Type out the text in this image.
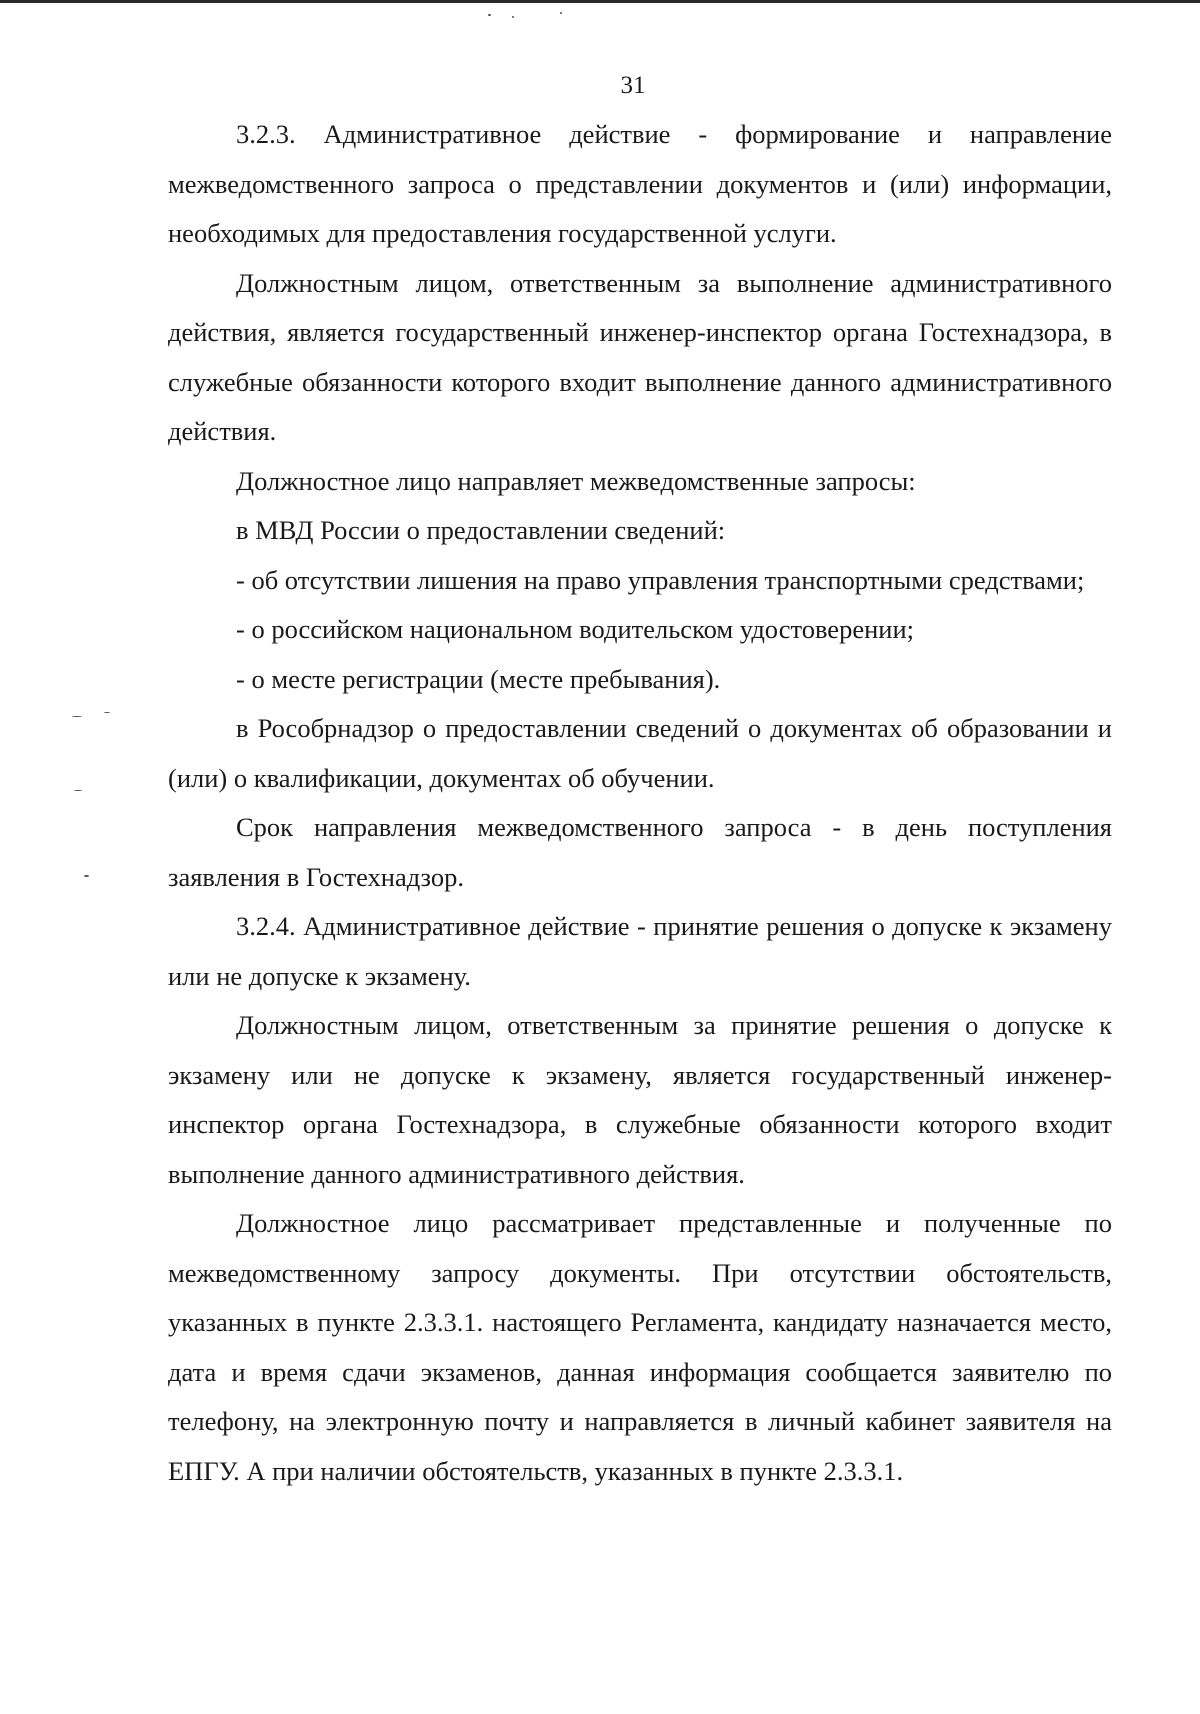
31

3.2.3. Административное действие - формирование и направление межведомственного запроса о представлении документов и (или) информации, необходимых для предоставления государственной услуги.

Должностным лицом, ответственным за выполнение административного действия, является государственный инженер-инспектор органа Гостехнадзора, в служебные обязанности которого входит выполнение данного административного действия.

Должностное лицо направляет межведомственные запросы:

в МВД России о предоставлении сведений:

- об отсутствии лишения на право управления транспортными средствами;

- о российском национальном водительском удостоверении;

- о месте регистрации (месте пребывания).

в Рособрнадзор о предоставлении сведений о документах об образовании и (или) о квалификации, документах об обучении.

Срок направления межведомственного запроса - в день поступления заявления в Гостехнадзор.

3.2.4. Административное действие - принятие решения о допуске к экзамену или не допуске к экзамену.

Должностным лицом, ответственным за принятие решения о допуске к экзамену или не допуске к экзамену, является государственный инженер-инспектор органа Гостехнадзора, в служебные обязанности которого входит выполнение данного административного действия.

Должностное лицо рассматривает представленные и полученные по межведомственному запросу документы. При отсутствии обстоятельств, указанных в пункте 2.3.3.1. настоящего Регламента, кандидату назначается место, дата и время сдачи экзаменов, данная информация сообщается заявителю по телефону, на электронную почту и направляется в личный кабинет заявителя на ЕПГУ. А при наличии обстоятельств, указанных в пункте 2.3.3.1.
